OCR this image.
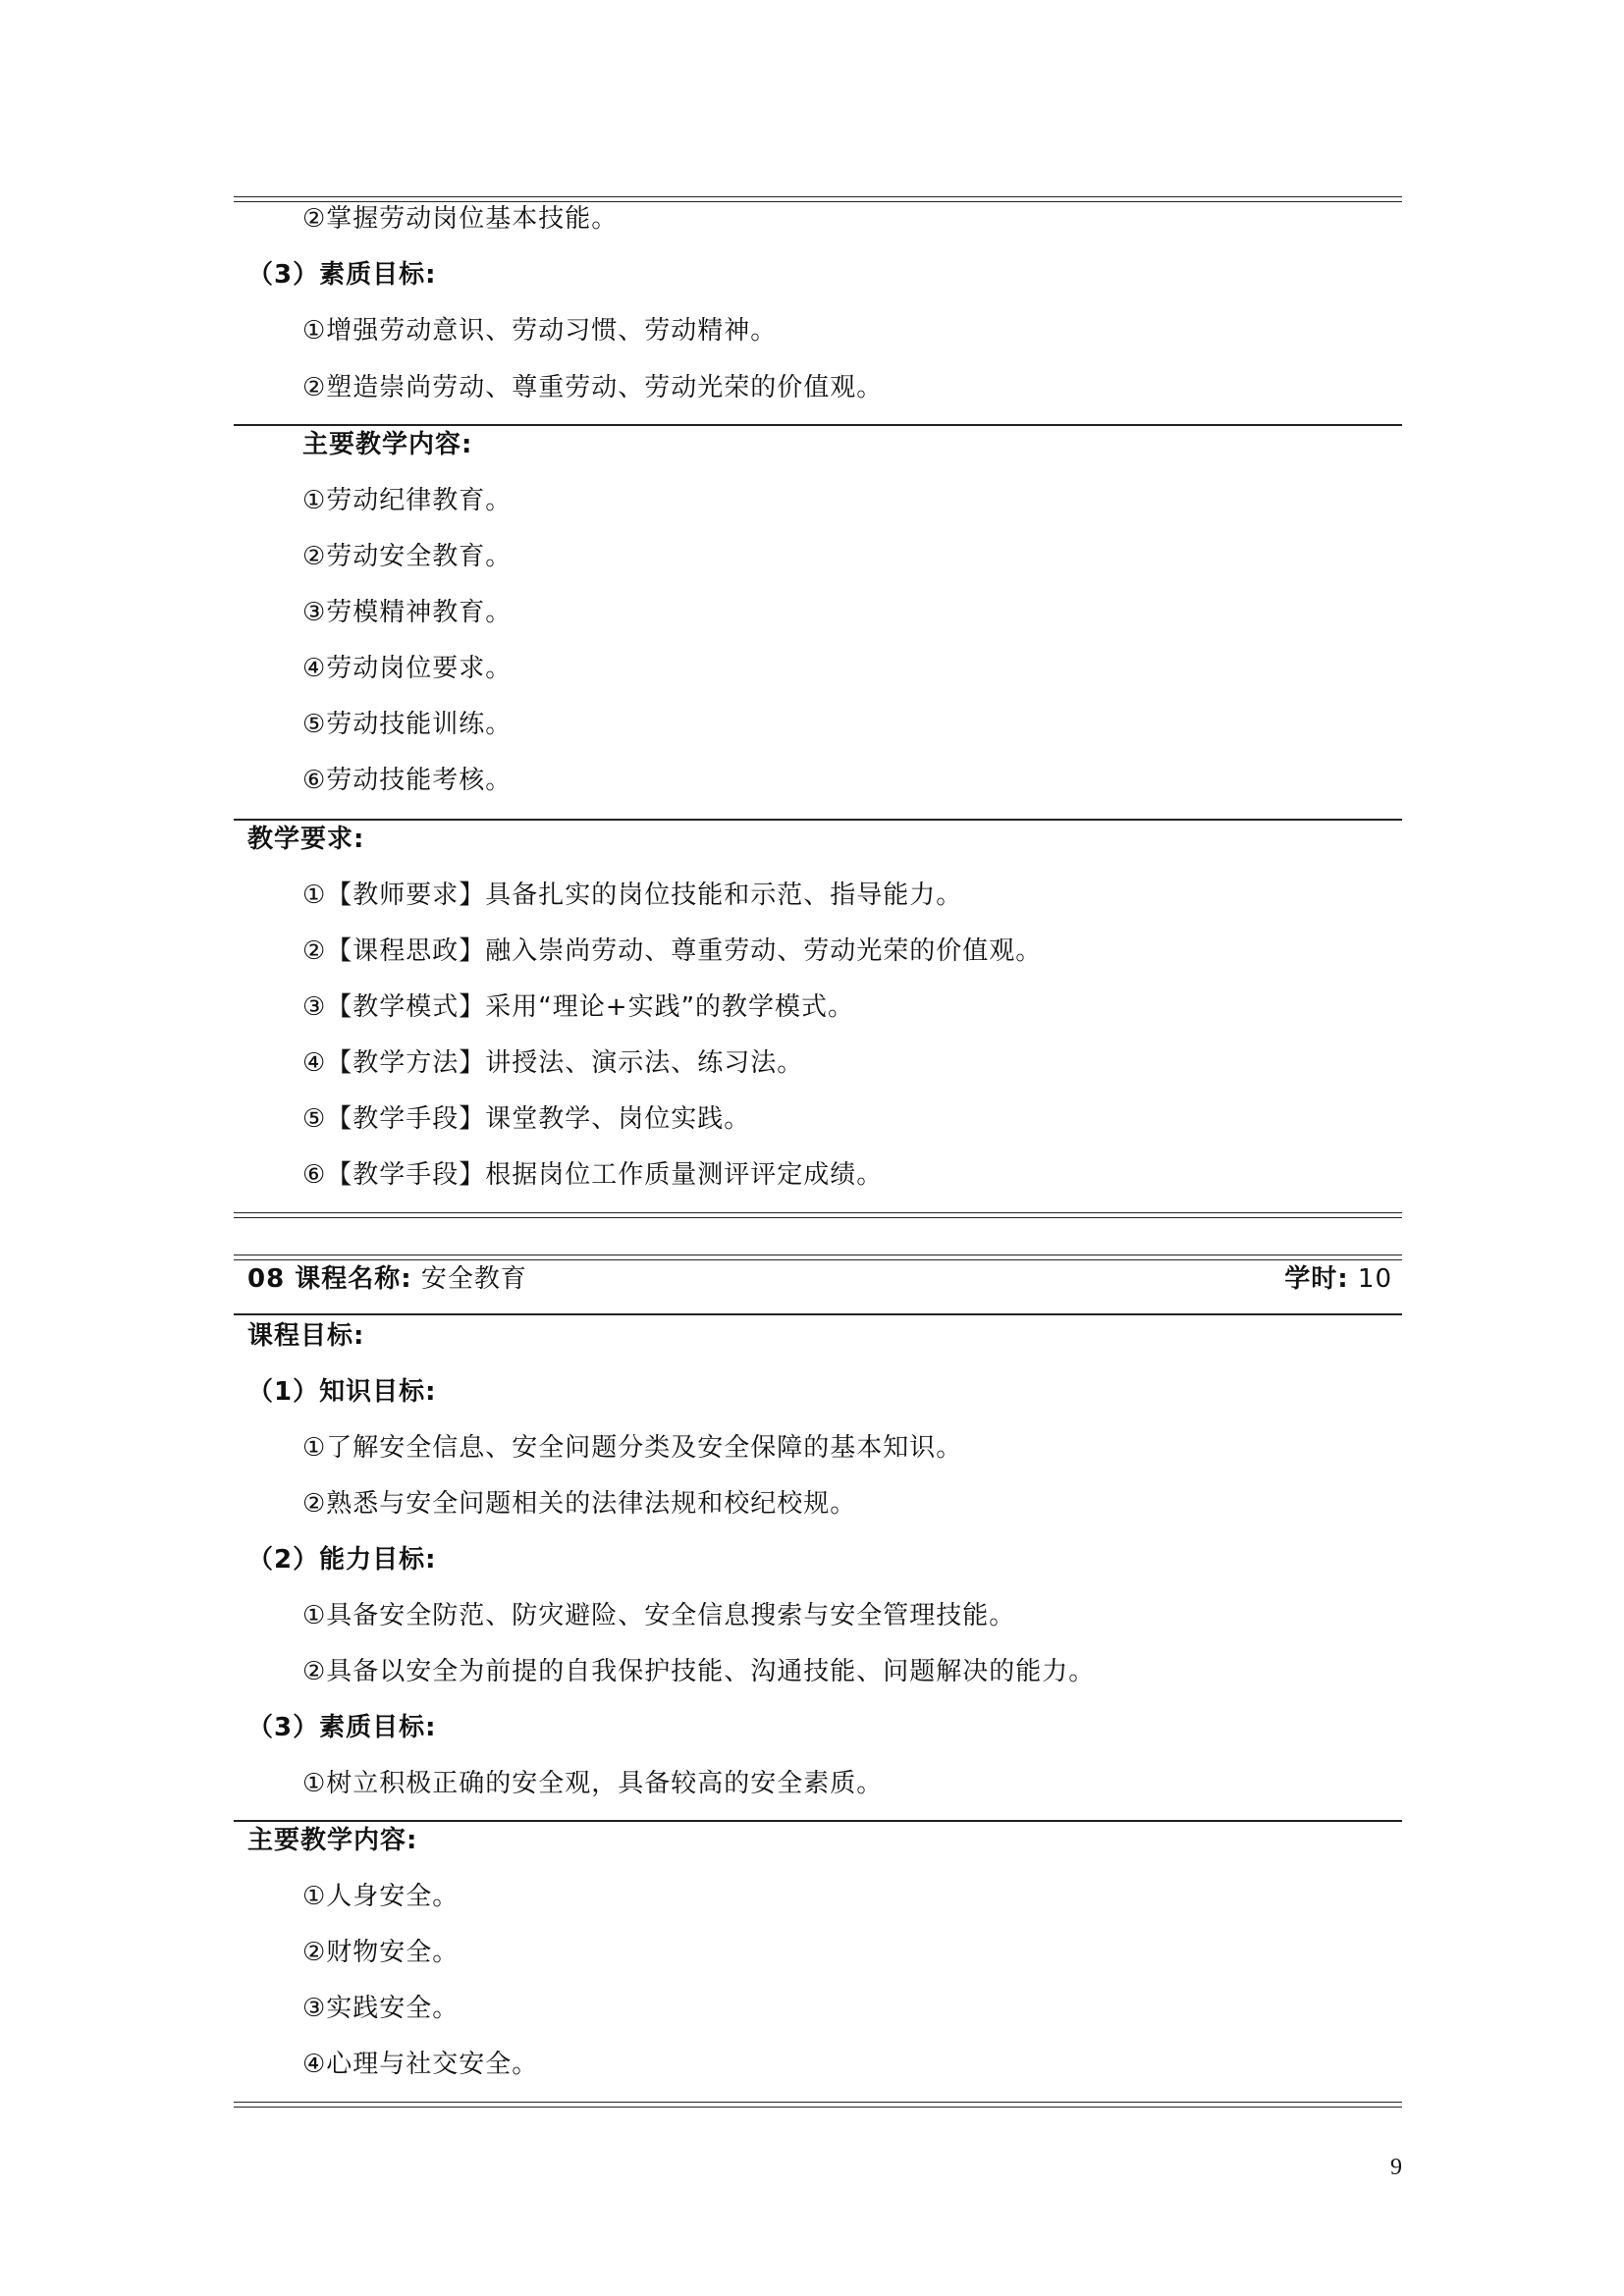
②掌握劳动岗位基本技能。
（3）素质目标:
①增强劳动意识、劳动习惯、劳动精神。
②塑造崇尚劳动、尊重劳动、劳动光荣的价值观。
主要教学内容:
①劳动纪律教育。
②劳动安全教育。
③劳模精神教育。
④劳动岗位要求。
⑤劳动技能训练。
⑥劳动技能考核。
教学要求:
①【教师要求】具备扎实的岗位技能和示范、指导能力。
②【课程思政】融入崇尚劳动、尊重劳动、劳动光荣的价值观。
③【教学模式】采用“理论+实践”的教学模式。
④【教学方法】讲授法、演示法、练习法。
⑤【教学手段】课堂教学、岗位实践。
⑥【教学手段】根据岗位工作质量测评评定成绩。
08 课程名称: 安全教育	学时: 10
课程目标:
（1）知识目标:
①了解安全信息、安全问题分类及安全保障的基本知识。
②熟悉与安全问题相关的法律法规和校纪校规。
（2）能力目标:
①具备安全防范、防灾避险、安全信息搜索与安全管理技能。
②具备以安全为前提的自我保护技能、沟通技能、问题解决的能力。
（3）素质目标:
①树立积极正确的安全观，具备较高的安全素质。
主要教学内容:
①人身安全。
②财物安全。
③实践安全。
④心理与社交安全。
9
